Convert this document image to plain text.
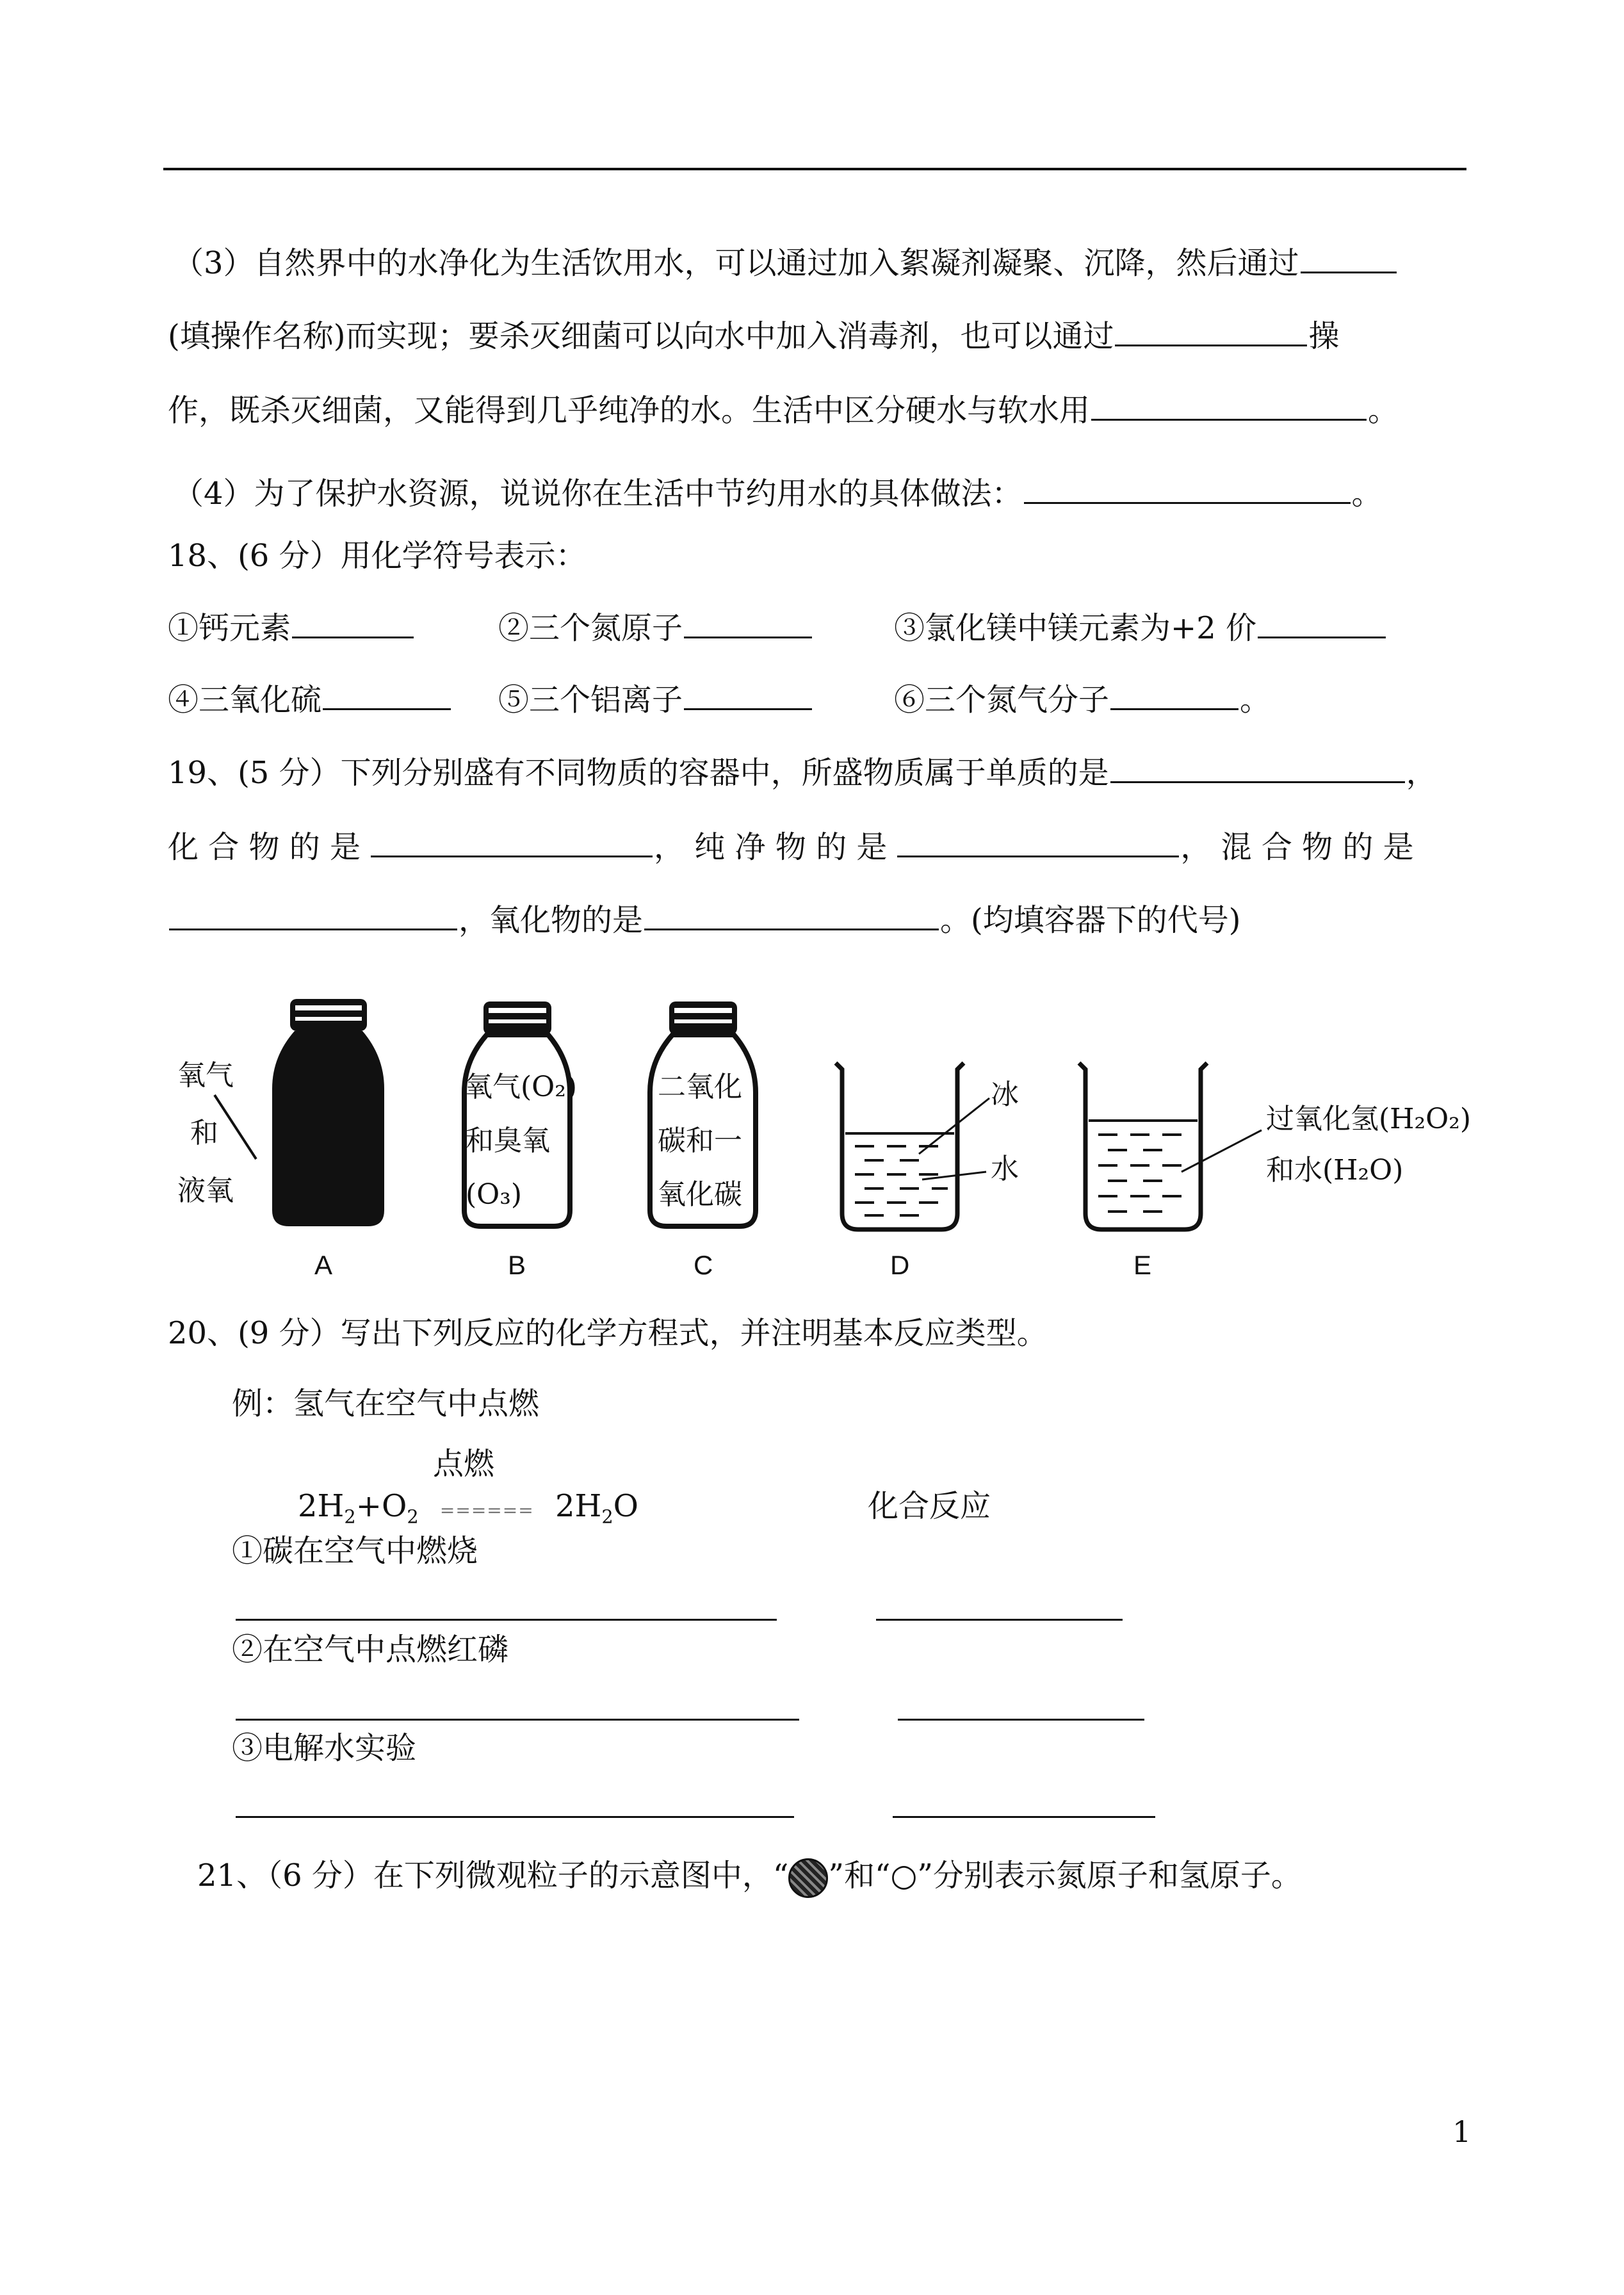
（3）自然界中的水净化为生活饮用水，可以通过加入絮凝剂凝聚、沉降，然后通过
(填操作名称)而实现；要杀灭细菌可以向水中加入消毒剂，也可以通过	操
作，既杀灭细菌，又能得到几乎纯净的水。生活中区分硬水与软水用	。
（4）为了保护水资源，说说你在生活中节约用水的具体做法：	。
18、(6 分）用化学符号表示：
①钙元素	②三个氮原子	③氯化镁中镁元素为+2 价
④三氧化硫	⑤三个铝离子	⑥三个氮气分子	。
19、(5 分）下列分别盛有不同物质的容器中，所盛物质属于单质的是	，
化 合 物 的 是	， 纯 净 物 的 是	， 混 合 物 的 是
，氧化物的是	。(均填容器下的代号)
氧气
和
液氧
氧气(O₂)
和臭氧
(O₃)
二氧化
碳和一
氧化碳
冰
水
过氧化氢(H₂O₂)
和水(H₂O)
A	B	C	D	E
20、(9 分）写出下列反应的化学方程式，并注明基本反应类型。
例：氢气在空气中点燃
点燃
$2H_2+O_2$ ====== $2H_2O$	化合反应
①碳在空气中燃烧
②在空气中点燃红磷
③电解水实验
21、（6 分）在下列微观粒子的示意图中，“ ”和“○”分别表示氮原子和氢原子。
1
